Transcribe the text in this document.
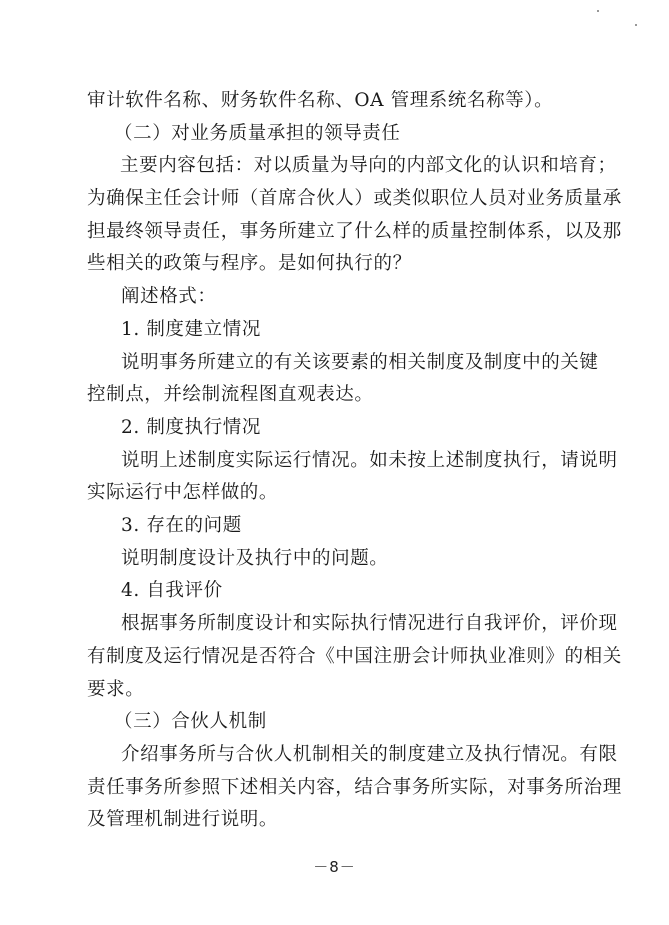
审计软件名称、财务软件名称、OA 管理系统名称等）。
（二）对业务质量承担的领导责任
主要内容包括：对以质量为导向的内部文化的认识和培育；
为确保主任会计师（首席合伙人）或类似职位人员对业务质量承
担最终领导责任，事务所建立了什么样的质量控制体系，以及那
些相关的政策与程序。是如何执行的？
阐述格式：
1. 制度建立情况
说明事务所建立的有关该要素的相关制度及制度中的关键
控制点，并绘制流程图直观表达。
2. 制度执行情况
说明上述制度实际运行情况。如未按上述制度执行，请说明
实际运行中怎样做的。
3. 存在的问题
说明制度设计及执行中的问题。
4. 自我评价
根据事务所制度设计和实际执行情况进行自我评价，评价现
有制度及运行情况是否符合《中国注册会计师执业准则》的相关
要求。
（三）合伙人机制
介绍事务所与合伙人机制相关的制度建立及执行情况。有限
责任事务所参照下述相关内容，结合事务所实际，对事务所治理
及管理机制进行说明。
－8－
